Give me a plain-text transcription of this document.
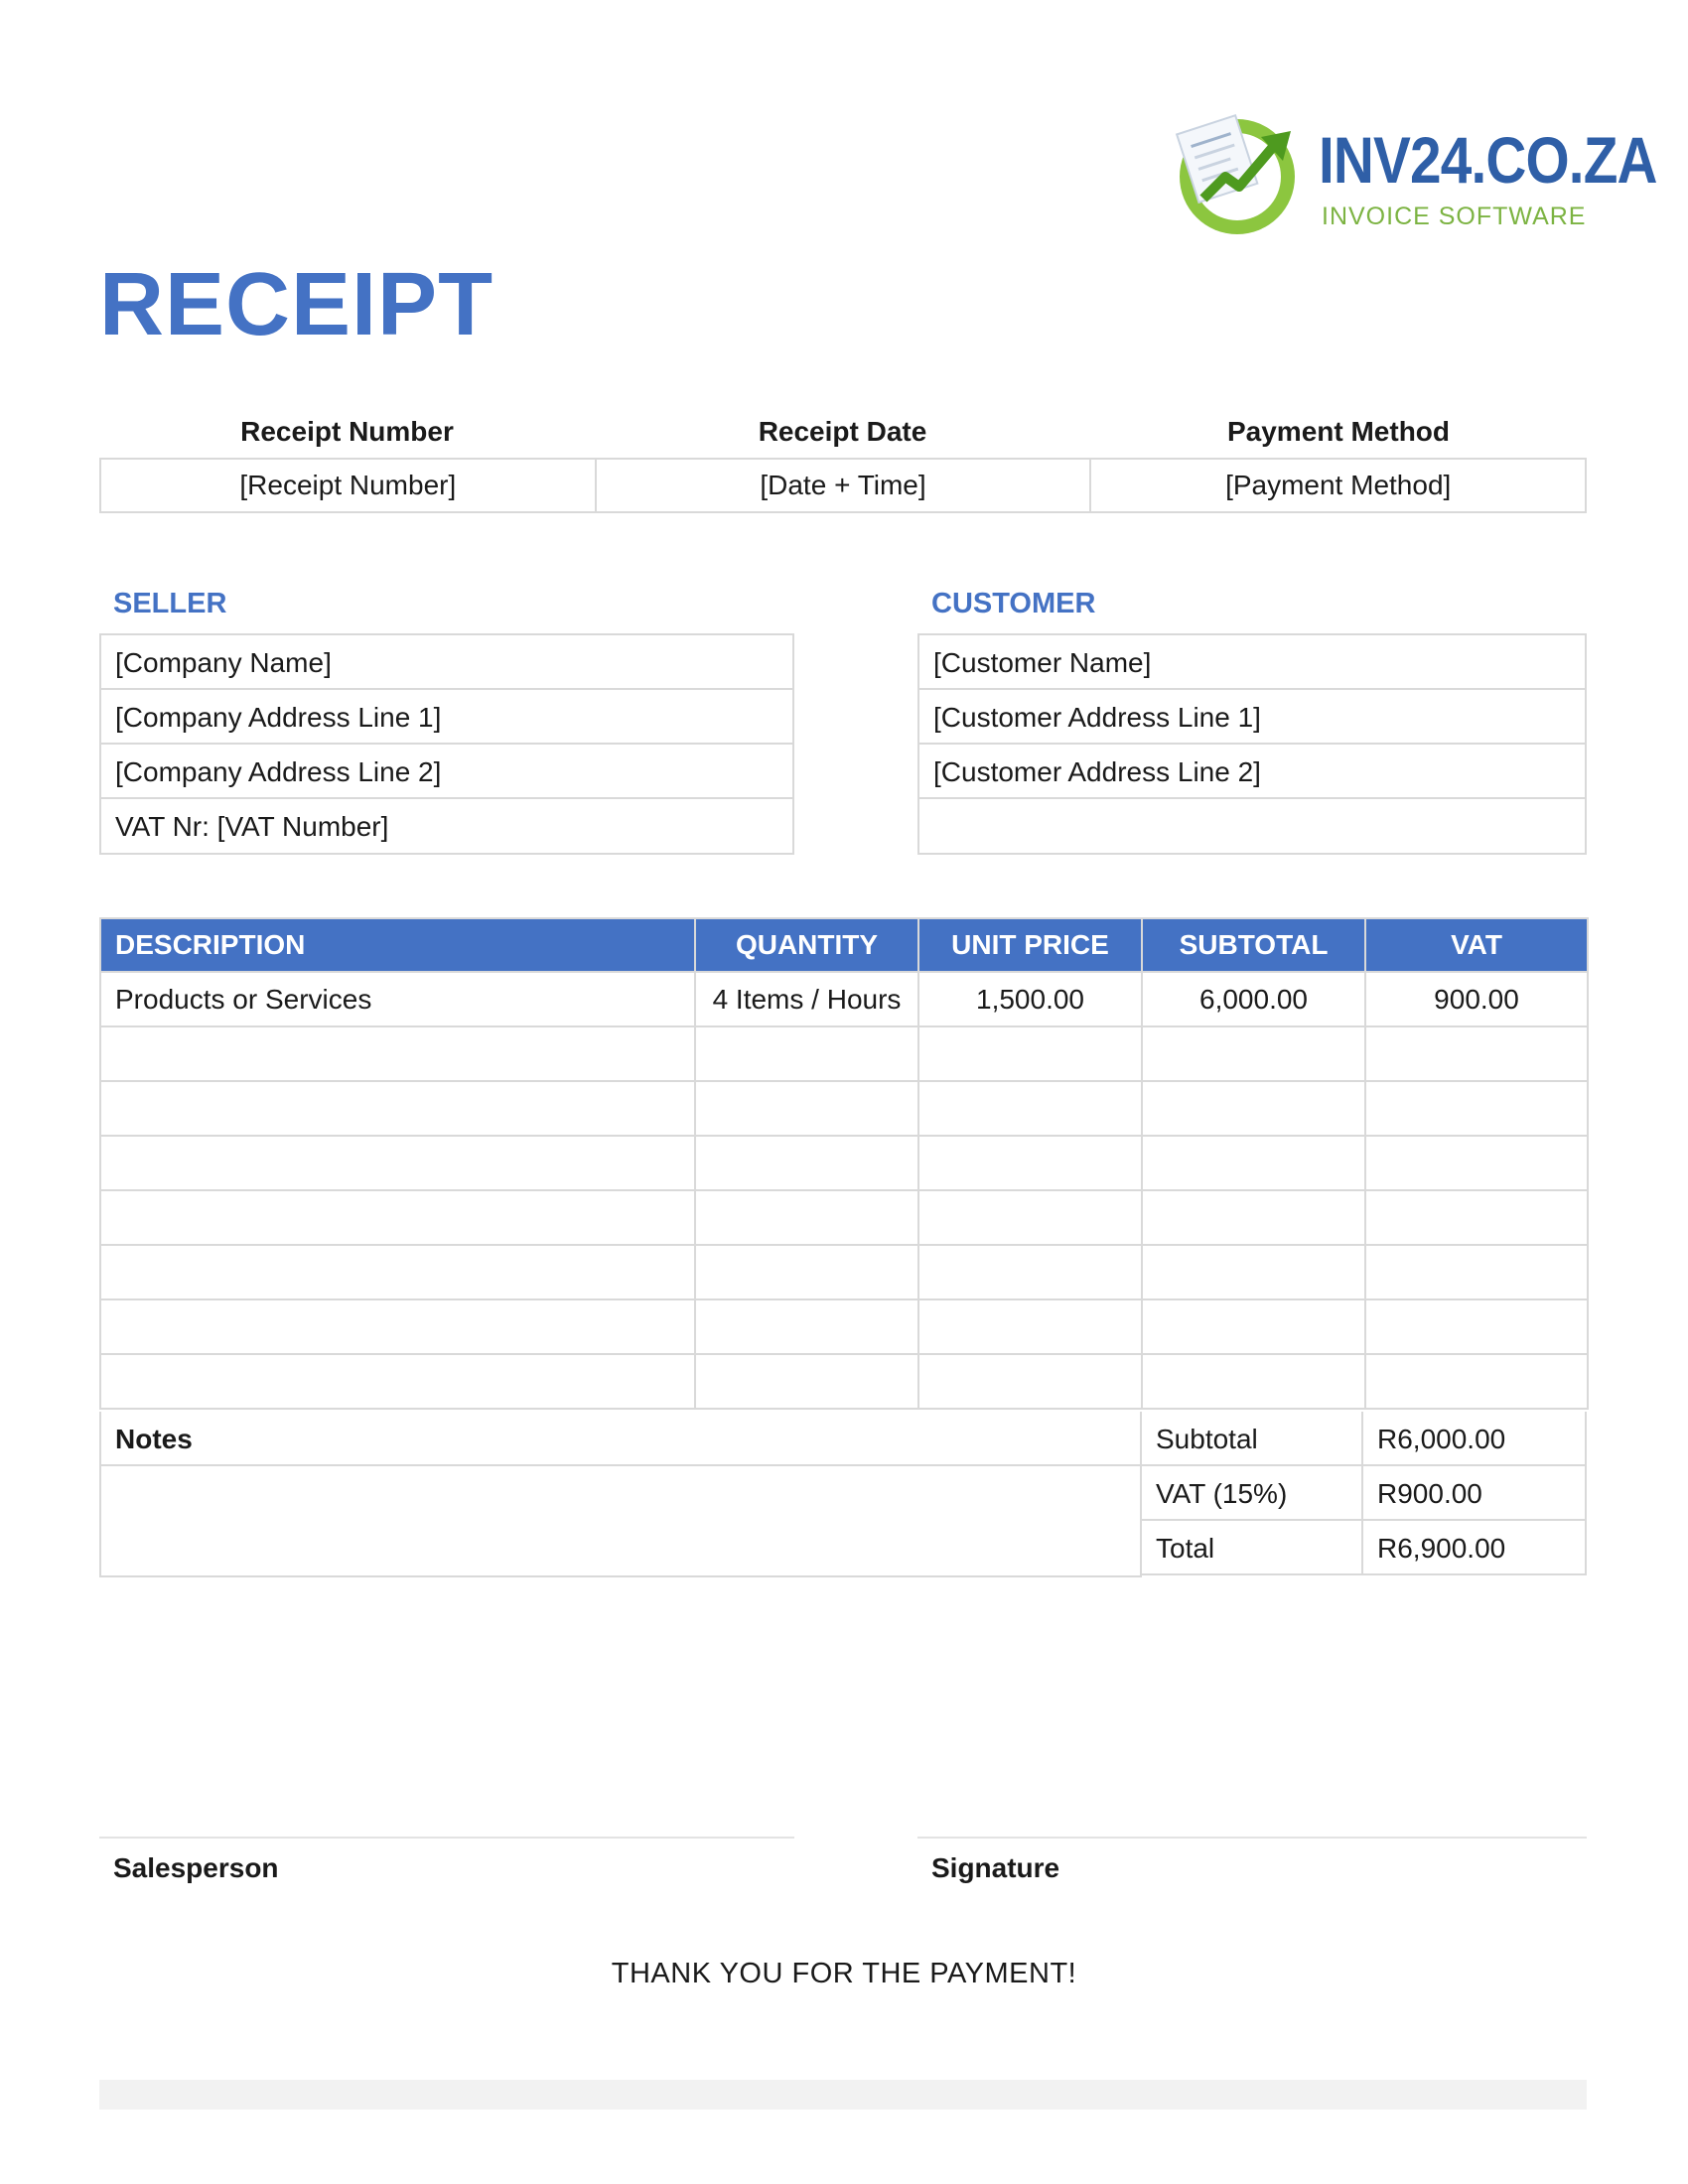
INV24.CO.ZA
INVOICE SOFTWARE
RECEIPT
Receipt Number	Receipt Date	Payment Method
[Receipt Number]	[Date + Time]	[Payment Method]
SELLER
[Company Name]
[Company Address Line 1]
[Company Address Line 2]
VAT Nr: [VAT Number]
CUSTOMER
[Customer Name]
[Customer Address Line 1]
[Customer Address Line 2]
DESCRIPTION	QUANTITY	UNIT PRICE	SUBTOTAL	VAT
Products or Services	4 Items / Hours	1,500.00	6,000.00	900.00

Notes	Subtotal	R6,000.00
VAT (15%)	R900.00
Total	R6,900.00
Salesperson	Signature
THANK YOU FOR THE PAYMENT!
